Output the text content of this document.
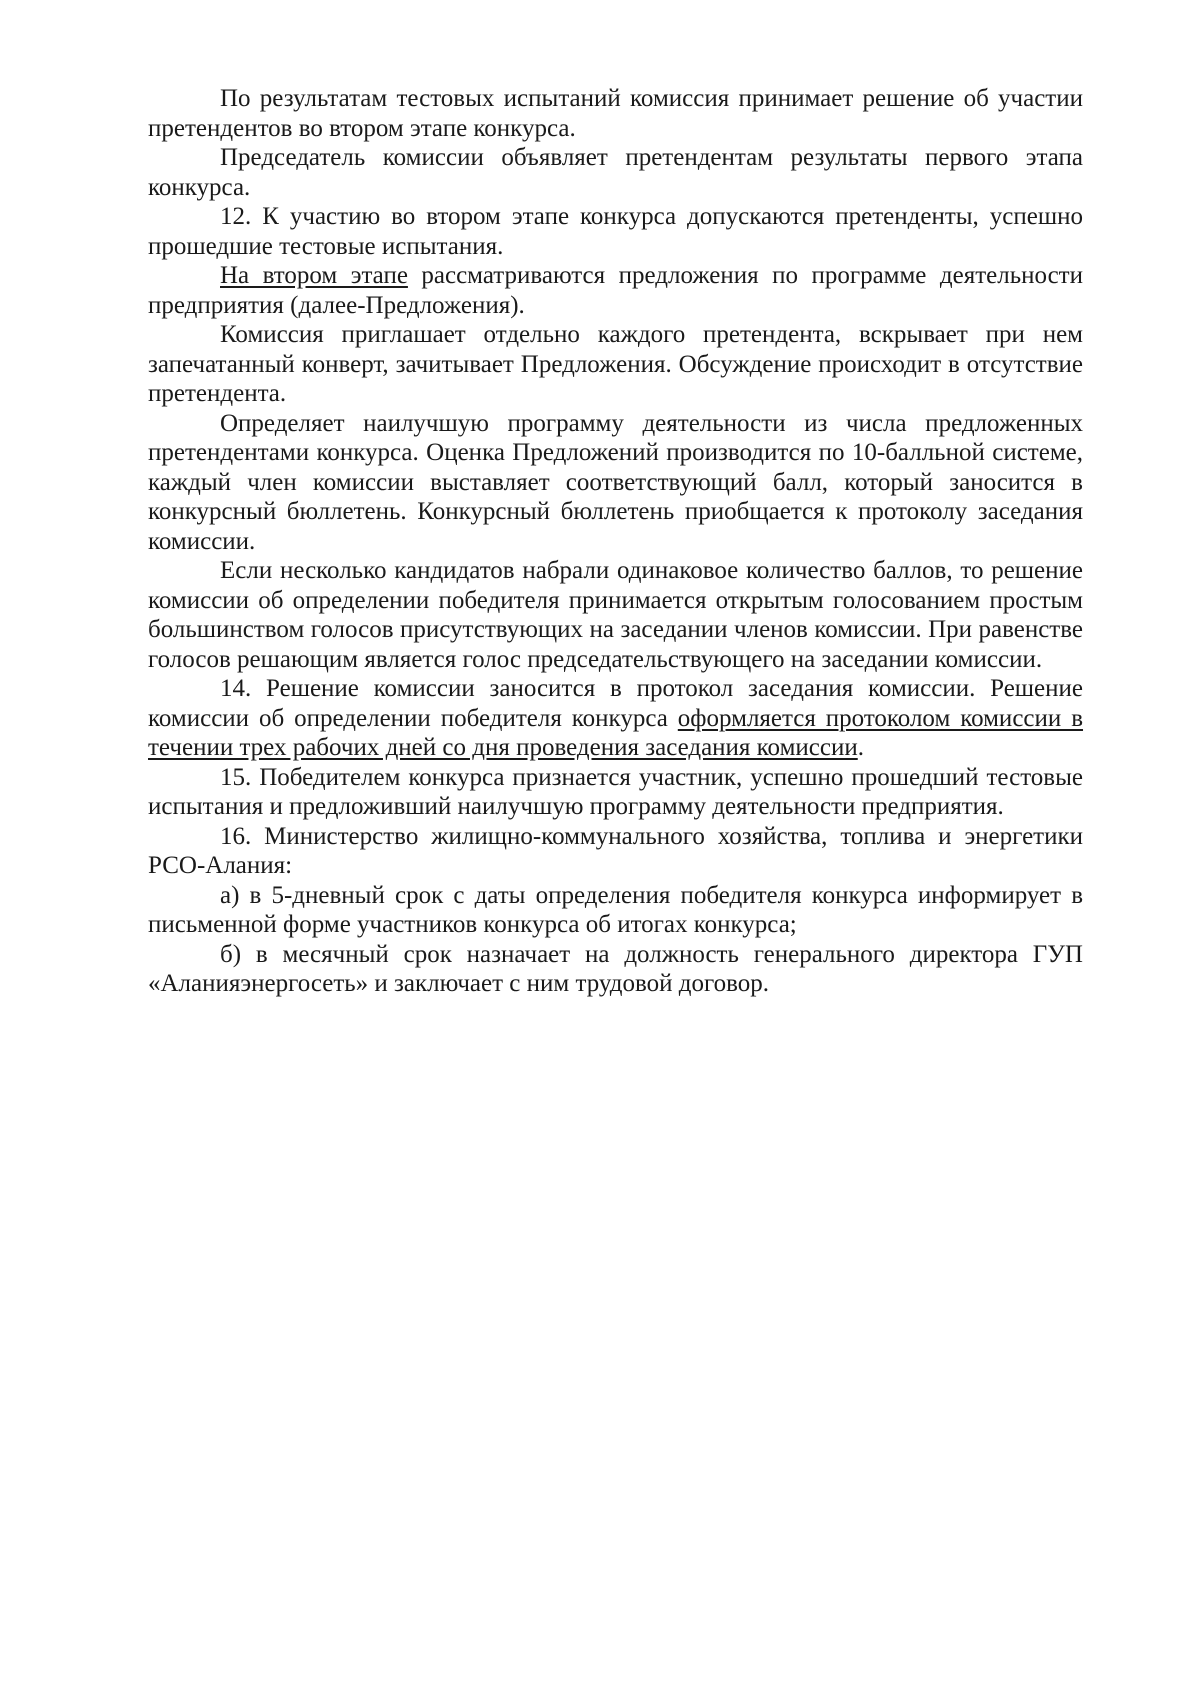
По результатам тестовых испытаний комиссия принимает решение об участии претендентов во втором этапе конкурса.

Председатель комиссии объявляет претендентам результаты первого этапа конкурса.

12. К участию во втором этапе конкурса допускаются претенденты, успешно прошедшие тестовые испытания.

На втором этапе рассматриваются предложения по программе деятельности предприятия (далее-Предложения).

Комиссия приглашает отдельно каждого претендента, вскрывает при нем запечатанный конверт, зачитывает Предложения. Обсуждение происходит в отсутствие претендента.

Определяет наилучшую программу деятельности из числа предложенных претендентами конкурса. Оценка Предложений производится по 10-балльной системе, каждый член комиссии выставляет соответствующий балл, который заносится в конкурсный бюллетень. Конкурсный бюллетень приобщается к протоколу заседания комиссии.

Если несколько кандидатов набрали одинаковое количество баллов, то решение комиссии об определении победителя принимается открытым голосованием простым большинством голосов присутствующих на заседании членов комиссии. При равенстве голосов решающим является голос председательствующего на заседании комиссии.

14. Решение комиссии заносится в протокол заседания комиссии. Решение комиссии об определении победителя конкурса оформляется протоколом комиссии в течении трех рабочих дней со дня проведения заседания комиссии.

15. Победителем конкурса признается участник, успешно прошедший тестовые испытания и предложивший наилучшую программу деятельности предприятия.

16. Министерство жилищно-коммунального хозяйства, топлива и энергетики РСО-Алания:

а) в 5-дневный срок с даты определения победителя конкурса информирует в письменной форме участников конкурса об итогах конкурса;

б) в месячный срок назначает на должность генерального директора ГУП «Аланияэнергосеть» и заключает с ним трудовой договор.
